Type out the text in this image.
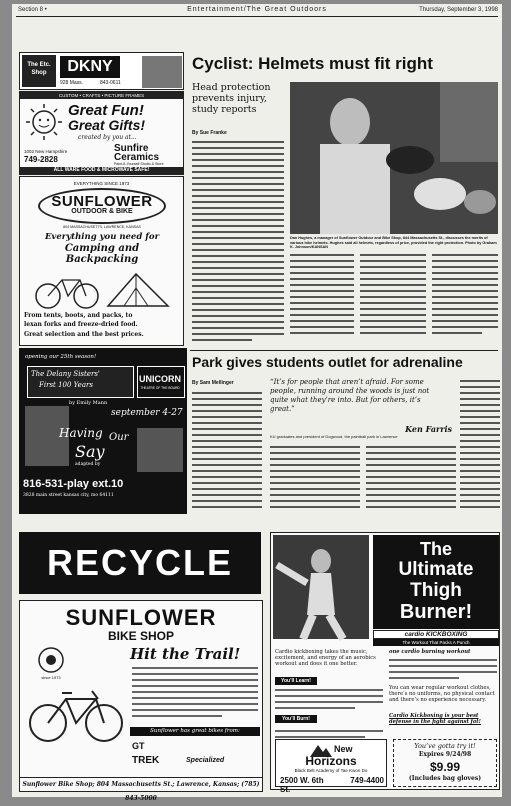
Section 8 •	Entertainment/The Great Outdoors	Thursday, September 3, 1998
The Etc. Shop	DKNY
928 Mass.	843-0611
CUSTOM • CRAFTS • PICTURE FRAMES
Great Fun!
Great Gifts!
created by you at...
Sunfire
Ceramics
1002 New Hampshire
749-2828	Paint-It-Yourself Studio & Store
ALL WARE FOOD & MICROWAVE SAFE!
EVERYTHING SINCE 1973
SUNFLOWER
OUTDOOR & BIKE
804 MASSACHUSETTS, LAWRENCE, KANSAS
Everything you need for
Camping and
Backpacking
From tents, boots, and packs, to
lexan forks and freeze-dried food.
Great selection and the best prices.
opening our 25th season!
The Delany Sisters'
First 100 Years
UNICORN
THEATRE OF THE BOARD
by Emily Mann
september 4-27
Having Our
Say
adapted by
816-531-play ext.10
3828 main street kansas city, mo 64111
Cyclist: Helmets must fit right
Head protection prevents injury, study reports
By Sue Franke
Dan Hughes, a manager of Sunflower Outdoor and Bike Shop, 844 Massachusetts St., discusses the merits of various bike helmets. Hughes said all helmets, regardless of price, provided the right protection. Photo by Graham K. Johnson/KANSAN
Park gives students outlet for adrenaline
By Sam Mellinger	“It’s for people that aren’t afraid. For some people, running around the woods is just not quite what they’re into. But for others, it’s great.”
Ken Farris
KU graduates and president of Dogwood, the paintball park in Lawrence
RECYCLE
SUNFLOWER
BIKE SHOP
since 1973
Hit the Trail!
Sunflower has great bikes from:
GT
TREK	Specialized
Sunflower Bike Shop; 804 Massachusetts St.; Lawrence, Kansas; (785) 843-5000
The
Ultimate
Thigh
Burner!
cardio KICKBOXING
The Workout That Packs A Punch
Cardio kickboxing takes the music, excitement, and energy of an aerobics workout and does it one better.
You’ll Learn!
You’ll Burn!
one cardio burning workout
You can wear regular workout clothes, there’s no uniforms, no physical contact and there’s no experience necessary.
Cardio Kickboxing is your best defense in the fight against fat!
New
Horizons
Black Belt Academy of Tae Kwon Do
2500 W. 6th St.
749-4400
You’ve gotta try it!
Expires 9/24/98
$9.99
(Includes bag gloves)
